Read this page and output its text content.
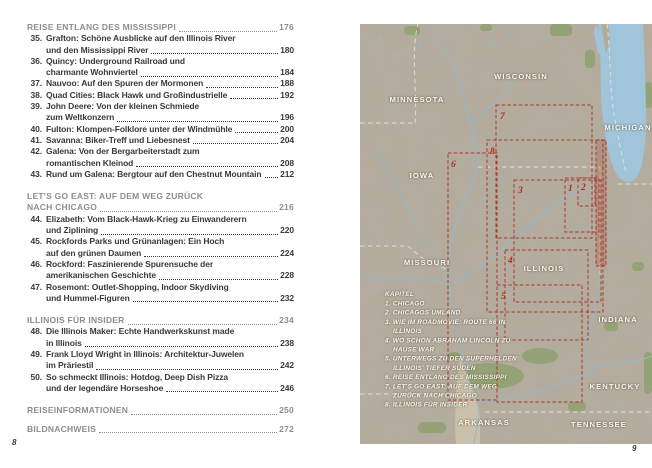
REISE ENTLANG DES MISSISSIPPI	176
35. Grafton: Schöne Ausblicke auf den Illinois River
und den Mississippi River	180
36. Quincy: Underground Railroad und
charmante Wohnviertel	184
37. Nauvoo: Auf den Spuren der Mormonen	188
38. Quad Cities: Black Hawk und Großindustrielle	192
39. John Deere: Von der kleinen Schmiede
zum Weltkonzern	196
40. Fulton: Klompen-Folklore unter der Windmühle	200
41. Savanna: Biker-Treff und Liebesnest	204
42. Galena: Von der Bergarbeiterstadt zum
romantischen Kleinod	208
43. Rund um Galena: Bergtour auf den Chestnut Mountain 212
LET'S GO EAST: AUF DEM WEG ZURÜCK
NACH CHICAGO	216
44. Elizabeth: Vom Black-Hawk-Krieg zu Einwanderern
und Ziplining	220
45. Rockfords Parks und Grünanlagen: Ein Hoch
auf den grünen Daumen	224
46. Rockford: Faszinierende Spurensuche der
amerikanischen Geschichte	228
47. Rosemont: Outlet-Shopping, Indoor Skydiving
und Hummel-Figuren	232
ILLINOIS FÜR INSIDER	234
48. Die Illinois Maker: Echte Handwerkskunst made
in Illinois	238
49. Frank Lloyd Wright in Illinois: Architektur-Juwelen
im Präriestil	242
50. So schmeckt Illinois: Hotdog, Deep Dish Pizza
und der legendäre Horseshoe	246
REISEINFORMATIONEN	250
BILDNACHWEIS	272
8
9
1 2
3
4
5
6
7
8
MINNESOTA
WISCONSIN
MICHIGAN
IOWA
MISSOURI
ILLINOIS
INDIANA
KENTUCKY
ARKANSAS	TENNESSEE
KAPITEL
1. CHICAGO
2. CHICAGOS UMLAND
3. WIE IM ROADMOVIE: ROUTE 66 IN
ILLINOIS
4. WO SCHON ABRAHAM LINCOLN ZU
HAUSE WAR
5. UNTERWEGS ZU DEN SUPERHELDEN:
ILLINOIS' TIEFER SÜDEN
6. REISE ENTLANG DES MISSISSIPPI
7. LET'S GO EAST: AUF DEM WEG
ZURÜCK NACH CHICAGO
8. ILLINOIS FÜR INSIDER
